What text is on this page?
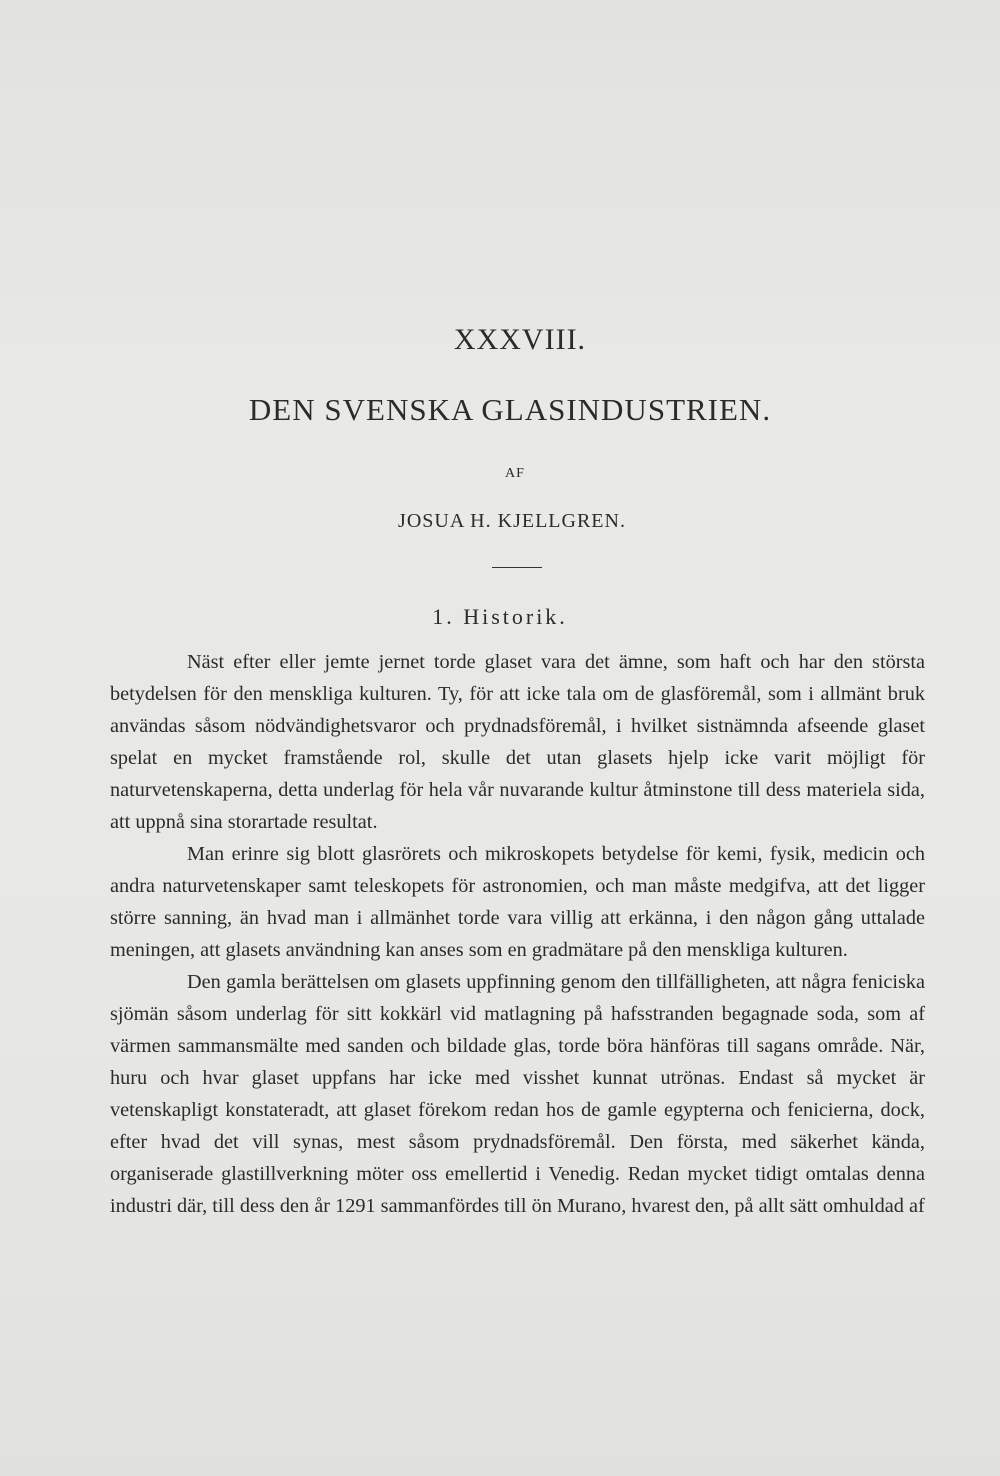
XXXVIII.
DEN SVENSKA GLASINDUSTRIEN.
AF
JOSUA H. KJELLGREN.
1. Historik.

Näst efter eller jemte jernet torde glaset vara det ämne, som haft och har den största betydelsen för den menskliga kulturen. Ty, för att icke tala om de glasföremål, som i allmänt bruk användas såsom nödvändighetsvaror och prydnadsföremål, i hvilket sistnämnda afseende glaset spelat en mycket framstående rol, skulle det utan glasets hjelp icke varit möjligt för naturvetenskaperna, detta underlag för hela vår nuvarande kultur åtminstone till dess materiela sida, att uppnå sina storartade resultat.

Man erinre sig blott glasrörets och mikroskopets betydelse för kemi, fysik, medicin och andra naturvetenskaper samt teleskopets för astronomien, och man måste medgifva, att det ligger större sanning, än hvad man i allmänhet torde vara villig att erkänna, i den någon gång uttalade meningen, att glasets användning kan anses som en gradmätare på den menskliga kulturen.

Den gamla berättelsen om glasets uppfinning genom den tillfälligheten, att några feniciska sjömän såsom underlag för sitt kokkärl vid matlagning på hafsstranden begagnade soda, som af värmen sammansmälte med sanden och bildade glas, torde böra hänföras till sagans område. När, huru och hvar glaset uppfans har icke med visshet kunnat utrönas. Endast så mycket är vetenskapligt konstateradt, att glaset förekom redan hos de gamle egypterna och fenicierna, dock, efter hvad det vill synas, mest såsom prydnadsföremål. Den första, med säkerhet kända, organiserade glastillverkning möter oss emellertid i Venedig. Redan mycket tidigt omtalas denna industri där, till dess den år 1291 sammanfördes till ön Murano, hvarest den, på allt sätt omhuldad af
